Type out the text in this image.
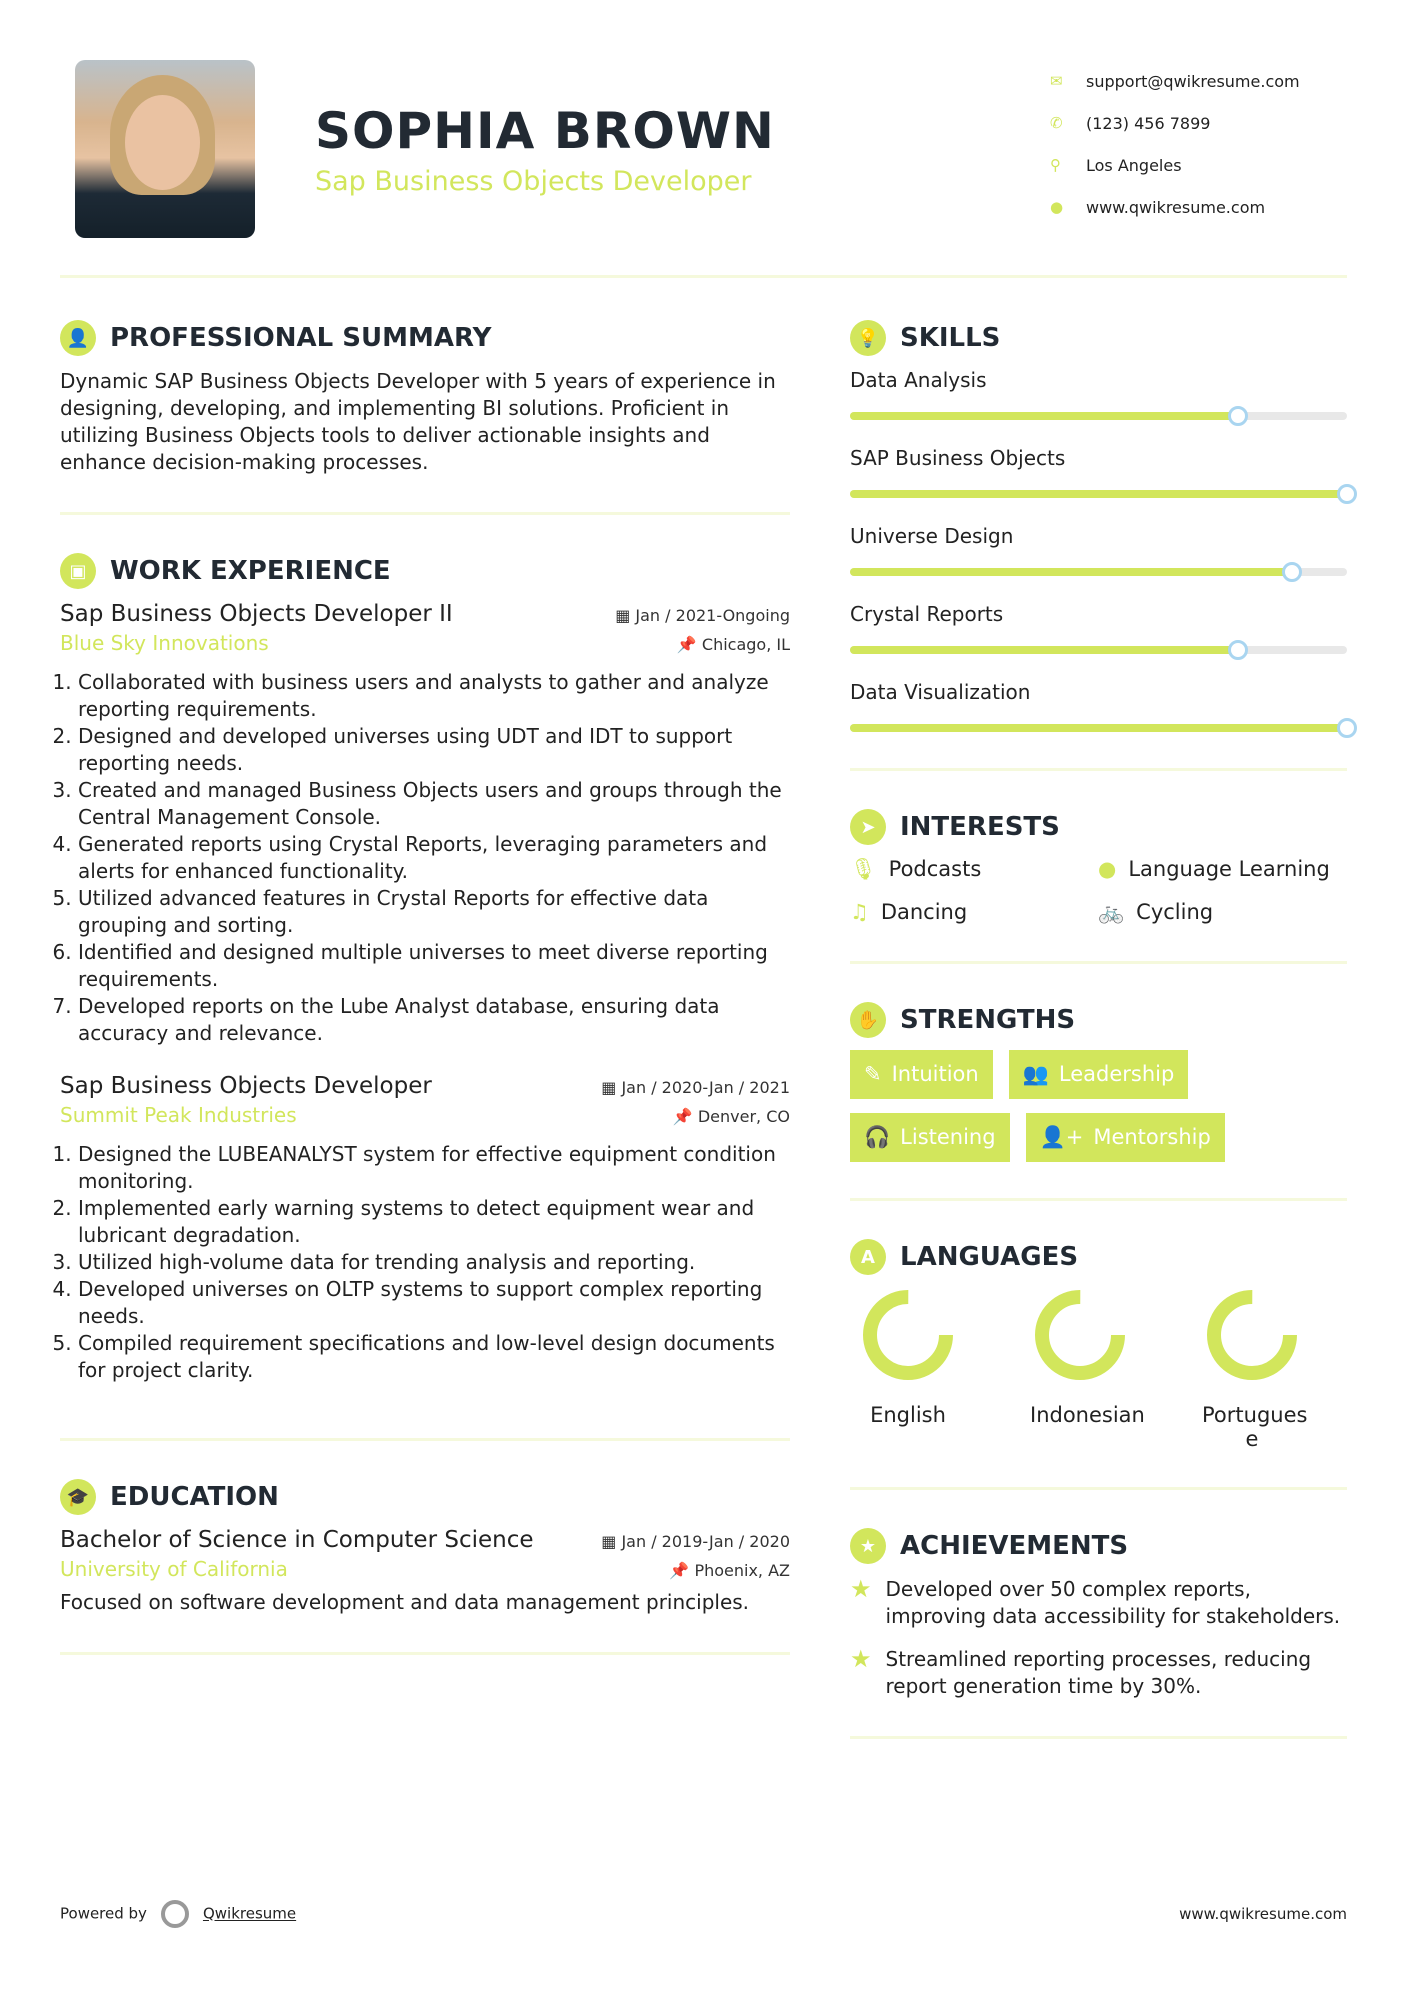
SOPHIA BROWN
Sap Business Objects Developer
✉	support@qwikresume.com
✆	(123) 456 7899
⚲	Los Angeles
●	www.qwikresume.com
👤 PROFESSIONAL SUMMARY

Dynamic SAP Business Objects Developer with 5 years of experience in designing, developing, and implementing BI solutions. Proficient in utilizing Business Objects tools to deliver actionable insights and enhance decision-making processes.

▣ WORK EXPERIENCE
Sap Business Objects Developer II	▦ Jan / 2021-Ongoing
Blue Sky Innovations	📌 Chicago, IL
1. Collaborated with business users and analysts to gather and analyze reporting requirements.
2. Designed and developed universes using UDT and IDT to support reporting needs.
3. Created and managed Business Objects users and groups through the Central Management Console.
4. Generated reports using Crystal Reports, leveraging parameters and alerts for enhanced functionality.
5. Utilized advanced features in Crystal Reports for effective data grouping and sorting.
6. Identified and designed multiple universes to meet diverse reporting requirements.
7. Developed reports on the Lube Analyst database, ensuring data accuracy and relevance.
Sap Business Objects Developer	▦ Jan / 2020-Jan / 2021
Summit Peak Industries	📌 Denver, CO
1. Designed the LUBEANALYST system for effective equipment condition monitoring.
2. Implemented early warning systems to detect equipment wear and lubricant degradation.
3. Utilized high-volume data for trending analysis and reporting.
4. Developed universes on OLTP systems to support complex reporting needs.
5. Compiled requirement specifications and low-level design documents for project clarity.
🎓 EDUCATION
Bachelor of Science in Computer Science	▦ Jan / 2019-Jan / 2020
University of California	📌 Phoenix, AZ

Focused on software development and data management principles.

💡 SKILLS
Data Analysis
SAP Business Objects
Universe Design
Crystal Reports
Data Visualization
➤ INTERESTS
🎙 Podcasts	● Language Learning
♫ Dancing	🚲 Cycling
✋ STRENGTHS
✎ Intuition 👥 Leadership
🎧 Listening 👤+ Mentorship
A LANGUAGES
English	Indonesian	Portugues e
★ ACHIEVEMENTS
★ Developed over 50 complex reports, improving data accessibility for stakeholders.
★ Streamlined reporting processes, reducing report generation time by 30%.
Powered by	Qwikresume	www.qwikresume.com
